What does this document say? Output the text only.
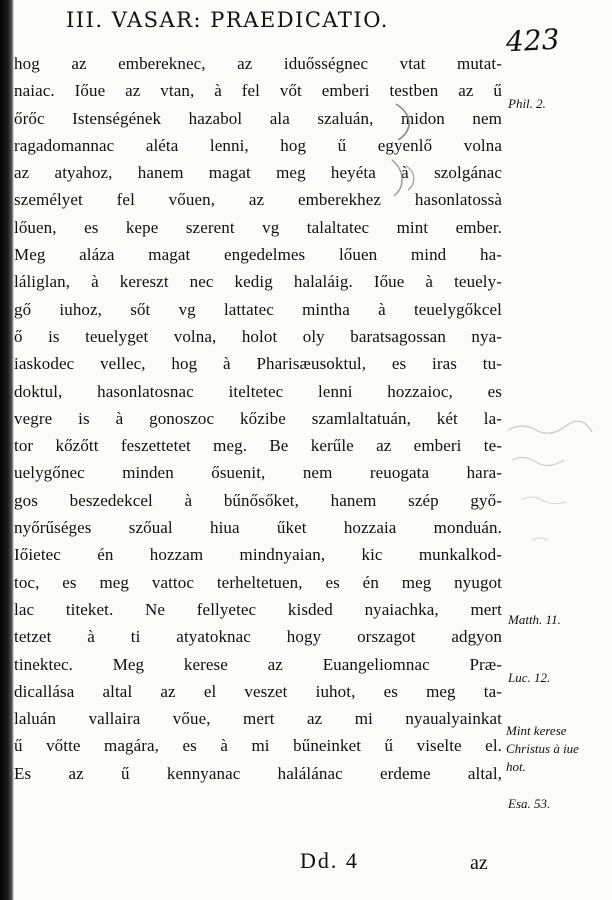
III. VASAR: PRAEDICATIO.
423
hog az embereknec, az iduősségnec vtat mutat‑
naiac. Iőue az vtan, à fel vőt emberi testben az ű
őrőc Istenségének hazabol ala szaluán, midon nem
ragadomannac aléta lenni, hog ű egyenlő volna
az atyahoz, hanem magat meg heyéta à szolgánac
személyet fel vőuen, az emberekhez hasonlatossà
lőuen, es kepe szerent vg talaltatec mint ember.
Meg aláza magat engedelmes lőuen mind ha‑
láliglan, à kereszt nec kedig halaláig. Iőue à teuely‑
gő iuhoz, sőt vg lattatec mintha à teuelygőkcel
ő is teuelyget volna, holot oly baratsagossan nya‑
iaskodec vellec, hog à Pharisæusoktul, es iras tu‑
doktul, hasonlatosnac iteltetec lenni hozzaioc, es
vegre is à gonoszoc kőzibe szamlaltatuán, két la‑
tor kőzőtt feszettetet meg. Be kerűle az emberi te‑
uelygőnec minden ősuenit, nem reuogata hara‑
gos beszedekcel à bűnősőket, hanem szép győ‑
nyőrűséges szőual hiua űket hozzaia monduán.
Iőietec én hozzam mindnyaian, kic munkalkod‑
toc, es meg vattoc terheltetuen, es én meg nyugot
lac titeket. Ne fellyetec kisded nyaiachka, mert
tetzet à ti atyatoknac hogy orszagot adgyon
tinektec. Meg kerese az Euangeliomnac Præ‑
dicallása altal az el veszet iuhot, es meg ta‑
laluán vallaira vőue, mert az mi nyaualyainkat
ű vőtte magára, es à mi bűneinket ű viselte el.
Es az ű kennyanac halálánac erdeme altal,
Phil. 2.
Matth. 11.
Luc. 12.
Mint kerese
Christus à iue
hot.
Esa. 53.
Dd. 4	az
